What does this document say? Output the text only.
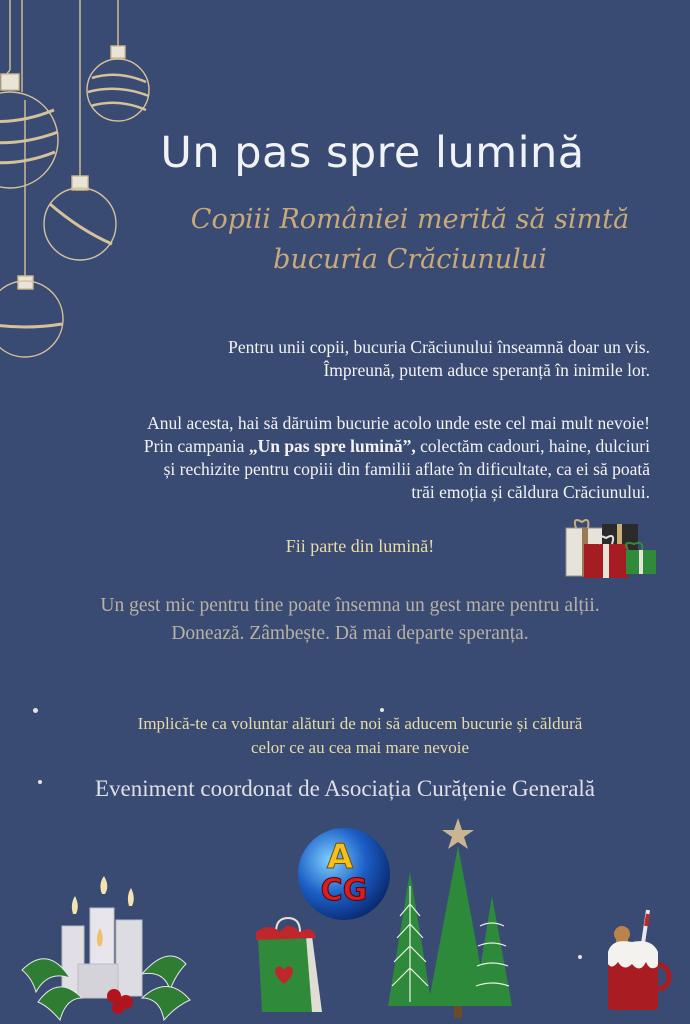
Un pas spre lumină
Copiii României merită să simtă
bucuria Crăciunului
Pentru unii copii, bucuria Crăciunului înseamnă doar un vis.
Împreună, putem aduce speranță în inimile lor.
Anul acesta, hai să dăruim bucurie acolo unde este cel mai mult nevoie!
Prin campania „Un pas spre lumină”, colectăm cadouri, haine, dulciuri
și rechizite pentru copiii din familii aflate în dificultate, ca ei să poată
trăi emoția și căldura Crăciunului.
Fii parte din lumină!
Un gest mic pentru tine poate însemna un gest mare pentru alții.
Donează. Zâmbește. Dă mai departe speranța.
Implică-te ca voluntar alături de noi să aducem bucurie și căldură
celor ce au cea mai mare nevoie
Eveniment coordonat de Asociația Curățenie Generală
A
CG
